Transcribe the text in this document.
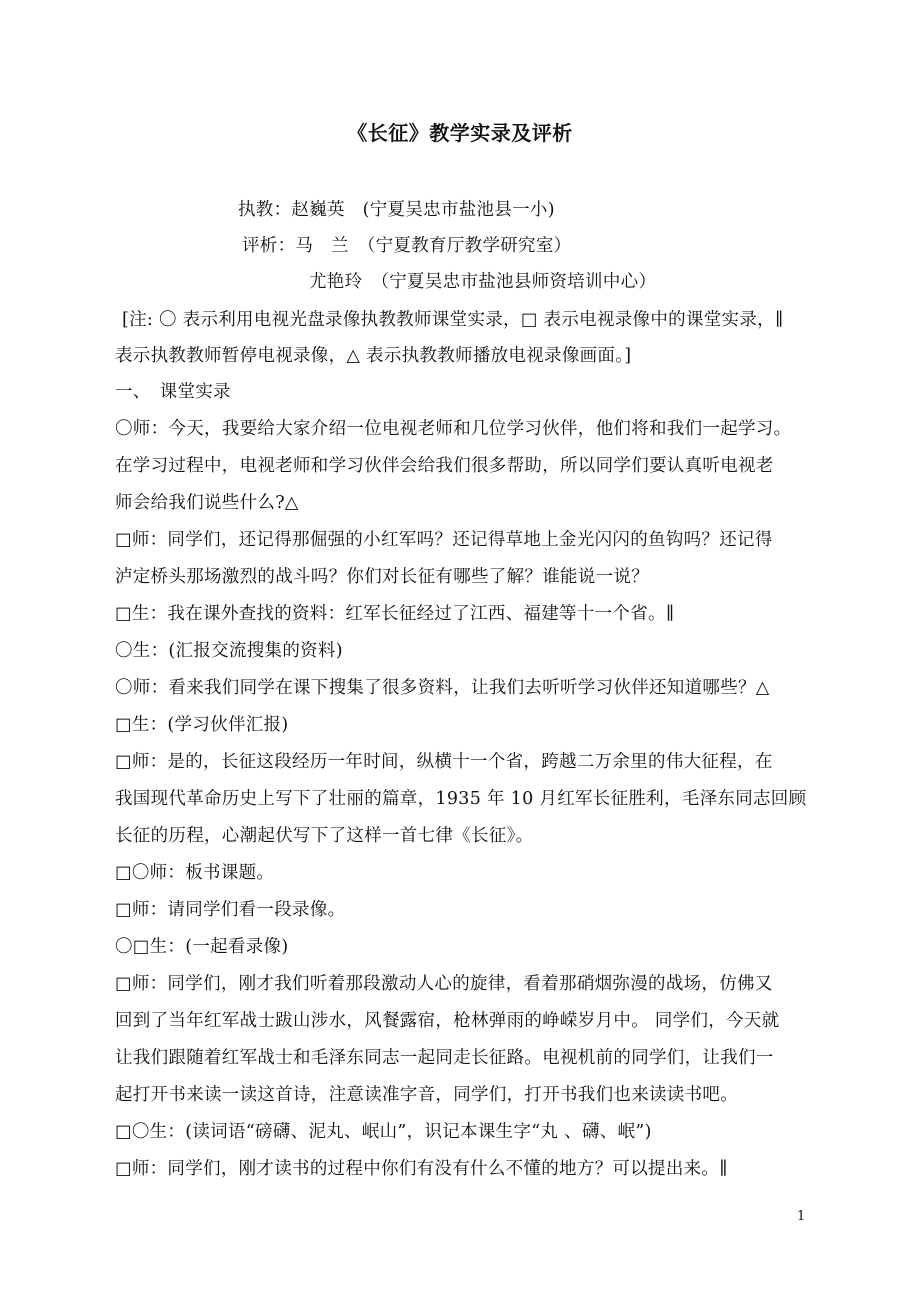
《长征》教学实录及评析
执教：赵巍英　(宁夏吴忠市盐池县一小)
评析：马　兰　（宁夏教育厅教学研究室）
尤艳玲　（宁夏吴忠市盐池县师资培训中心）
[注: 〇 表示利用电视光盘录像执教教师课堂实录，□ 表示电视录像中的课堂实录，∥
表示执教教师暂停电视录像，△ 表示执教教师播放电视录像画面。]
一、　课堂实录
〇师：今天，我要给大家介绍一位电视老师和几位学习伙伴，他们将和我们一起学习。
在学习过程中，电视老师和学习伙伴会给我们很多帮助，所以同学们要认真听电视老
师会给我们说些什么?△
□师：同学们，还记得那倔强的小红军吗？还记得草地上金光闪闪的鱼钩吗？还记得
泸定桥头那场激烈的战斗吗？你们对长征有哪些了解？谁能说一说？
□生：我在课外查找的资料：红军长征经过了江西、福建等十一个省。∥
〇生：(汇报交流搜集的资料)
〇师：看来我们同学在课下搜集了很多资料，让我们去听听学习伙伴还知道哪些？△
□生：(学习伙伴汇报)
□师：是的，长征这段经历一年时间，纵横十一个省，跨越二万余里的伟大征程，在
我国现代革命历史上写下了壮丽的篇章，1935 年 10 月红军长征胜利，毛泽东同志回顾
长征的历程，心潮起伏写下了这样一首七律《长征》。
□〇师：板书课题。
□师：请同学们看一段录像。
〇□生：(一起看录像)
□师：同学们，刚才我们听着那段激动人心的旋律，看着那硝烟弥漫的战场，仿佛又
回到了当年红军战士跋山涉水，风餐露宿，枪林弹雨的峥嵘岁月中。 同学们，今天就
让我们跟随着红军战士和毛泽东同志一起同走长征路。电视机前的同学们，让我们一
起打开书来读一读这首诗，注意读准字音，同学们，打开书我们也来读读书吧。
□〇生：(读词语“磅礴、泥丸、岷山”，识记本课生字“丸 、礴、岷”)
□师：同学们，刚才读书的过程中你们有没有什么不懂的地方？可以提出来。∥
1
